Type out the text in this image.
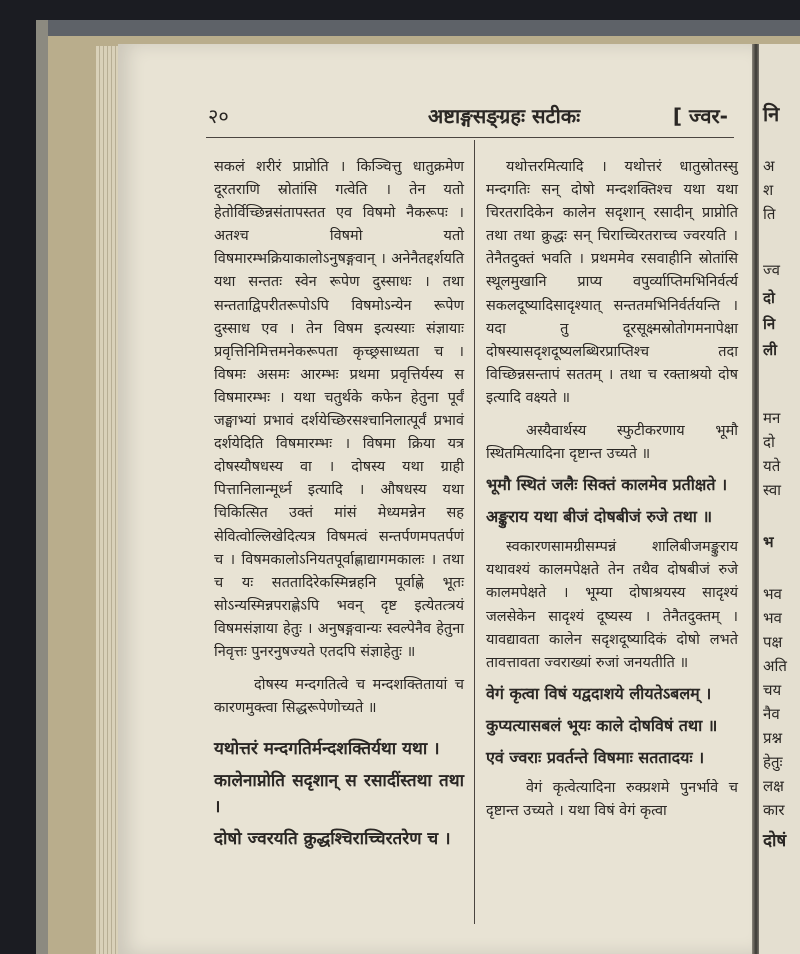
२०	अष्टाङ्गसङ्ग्रहः सटीकः	[ ज्वर-

सकलं शरीरं प्राप्नोति । किञ्चित्तु धातुक्रमेण दूरतराणि स्रोतांसि गत्वेति । तेन यतो हेतोर्विच्छिन्नसंतापस्तत एव विषमो नैकरूपः । अतश्च विषमो यतो विषमारम्भक्रियाकालोऽनुषङ्गवान् । अनेनैतद्दर्शयति यथा सन्ततः स्वेन रूपेण दुस्साधः । तथा सन्तताद्विपरीतरूपोऽपि विषमोऽन्येन रूपेण दुस्साध एव । तेन विषम इत्यस्याः संज्ञायाः प्रवृत्तिनिमित्तमनेकरूपता कृच्छ्रसाध्यता च । विषमः असमः आरम्भः प्रथमा प्रवृत्तिर्यस्य स विषमारम्भः । यथा चतुर्थके कफेन हेतुना पूर्वं जङ्घाभ्यां प्रभावं दर्शयेच्छिरसश्चानिलात्पूर्वं प्रभावं दर्शयेदिति विषमारम्भः । विषमा क्रिया यत्र दोषस्यौषधस्य वा । दोषस्य यथा ग्राही पित्तानिलान्मूर्ध्न इत्यादि । औषधस्य यथा चिकित्सित उक्तं मांसं मेध्यमन्नेन सह सेवित्वोल्लिखेदित्यत्र विषमत्वं सन्तर्पणमपतर्पणं च । विषमकालोऽनियतपूर्वाह्णाद्यागमकालः । तथा च यः सततादिरेकस्मिन्नहनि पूर्वाह्णे भूतः सोऽन्यस्मिन्नपराह्णेऽपि भवन् दृष्ट इत्येतत्त्रयं विषमसंज्ञाया हेतुः । अनुषङ्गवान्यः स्वल्पेनैव हेतुना निवृत्तः पुनरनुषज्यते एतदपि संज्ञाहेतुः ॥

दोषस्य मन्दगतित्वे च मन्दशक्तितायां च कारणमुक्त्वा सिद्धरूपेणोच्यते ॥

यथोत्तरं मन्दगतिर्मन्दशक्तिर्यथा यथा ।

कालेनाप्नोति सदृशान् स रसादींस्तथा तथा ।

दोषो ज्वरयति क्रुद्धश्चिराच्चिरतरेण च ।

यथोत्तरमित्यादि । यथोत्तरं धातुस्रोतस्सु मन्दगतिः सन् दोषो मन्दशक्तिश्च यथा यथा चिरतरादिकेन कालेन सदृशान् रसादीन् प्राप्नोति तथा तथा क्रुद्धः सन् चिराच्चिरतराच्च ज्वरयति । तेनैतदुक्तं भवति । प्रथममेव रसवाहीनि स्रोतांसि स्थूलमुखानि प्राप्य वपुर्व्याप्तिमभिनिर्वर्त्य सकलदूष्यादिसादृश्यात् सन्ततमभिनिर्वर्तयन्ति । यदा तु दूरसूक्ष्मस्रोतोगमनापेक्षा दोषस्यासदृशदूष्यलब्धिरप्राप्तिश्च तदा विच्छिन्नसन्तापं सततम् । तथा च रक्ताश्रयो दोष इत्यादि वक्ष्यते ॥

अस्यैवार्थस्य स्फुटीकरणाय भूमौ स्थितमित्यादिना दृष्टान्त उच्यते ॥

भूमौ स्थितं जलैः सिक्तं कालमेव प्रतीक्षते ।

अङ्कुराय यथा बीजं दोषबीजं रुजे तथा ॥

स्वकारणसामग्रीसम्पन्नं शालिबीजमङ्कुराय यथावश्यं कालमपेक्षते तेन तथैव दोषबीजं रुजे कालमपेक्षते । भूम्या दोषाश्रयस्य सादृश्यं जलसेकेन सादृश्यं दूष्यस्य । तेनैतदुक्तम् । यावद्यावता कालेन सदृशदूष्यादिकं दोषो लभते तावत्तावता ज्वराख्यां रुजां जनयतीति ॥

वेगं कृत्वा विषं यद्वदाशये लीयतेऽबलम् ।

कुप्यत्यासबलं भूयः काले दोषविषं तथा ॥

एवं ज्वराः प्रवर्तन्ते विषमाः सततादयः ।

वेगं कृत्वेत्यादिना रुक्प्रशमे पुनर्भावे च दृष्टान्त उच्यते । यथा विषं वेगं कृत्वा

नि
अ
श
ति
ज्व
दो
नि
ली
मन
दो
यते
स्वा
भ
भव
भव
पक्ष
अति
चय
नैव
प्रश्न
हेतुः
लक्ष
कार
दोषं
